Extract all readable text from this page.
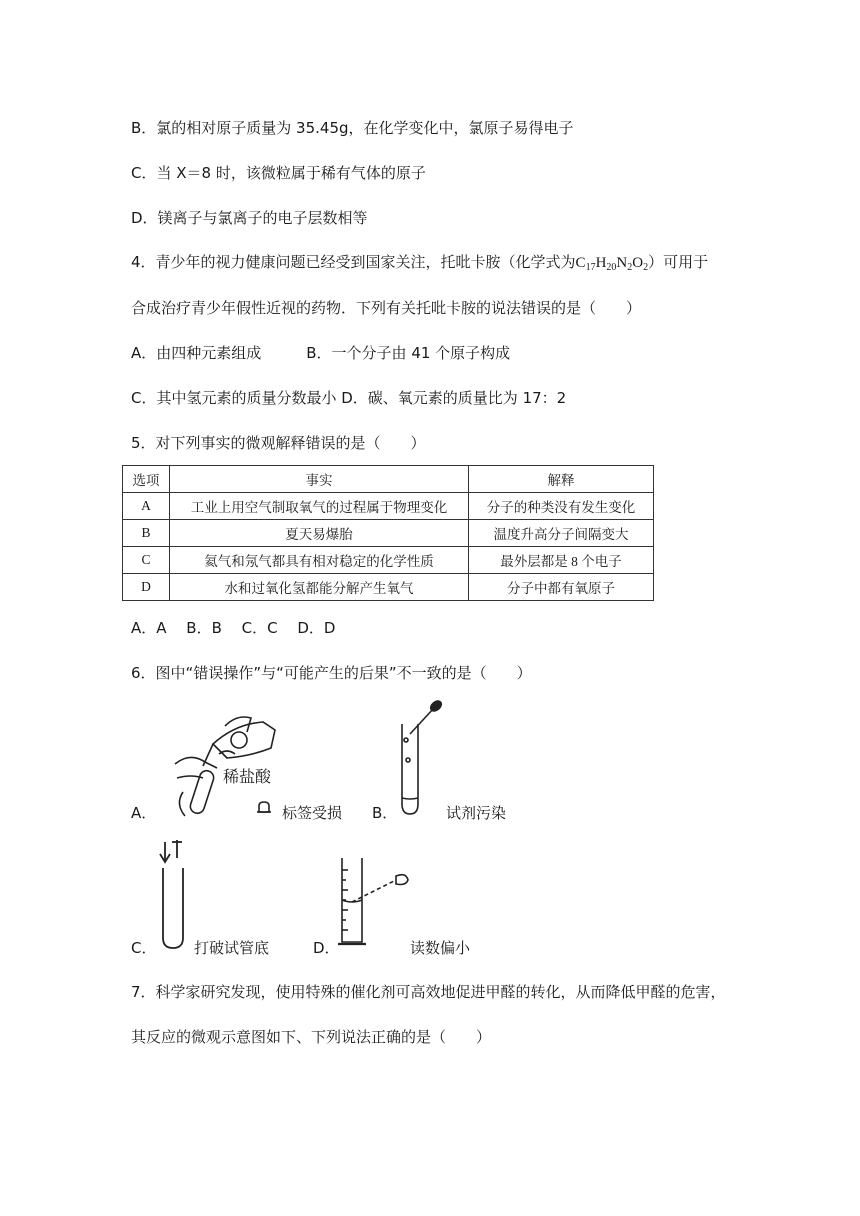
B．氯的相对原子质量为 35.45g，在化学变化中，氯原子易得电子
C．当 X＝8 时，该微粒属于稀有气体的原子
D．镁离子与氯离子的电子层数相等
4．青少年的视力健康问题已经受到国家关注，托吡卡胺（化学式为$C_{17}H_{20}N_2O_2$）可用于
合成治疗青少年假性近视的药物．下列有关托吡卡胺的说法错误的是（　　）
A．由四种元素组成　　　B．一个分子由 41 个原子构成
C．其中氢元素的质量分数最小 D．碳、氧元素的质量比为 17：2
5．对下列事实的微观解释错误的是（　　）
选项	事实	解释
A	工业上用空气制取氧气的过程属于物理变化	分子的种类没有发生变化
B	夏天易爆胎	温度升高分子间隔变大
C	氦气和氖气都具有相对稳定的化学性质	最外层都是 8 个电子
D	水和过氧化氢都能分解产生氧气	分子中都有氧原子
A．A　 B．B　 C．C　 D．D
6．图中“错误操作”与“可能产生的后果”不一致的是（　　）
A．
稀盐酸
标签受损 B．	试剂污染
C．	打破试管底	D．	读数偏小
7．科学家研究发现，使用特殊的催化剂可高效地促进甲醛的转化，从而降低甲醛的危害，
其反应的微观示意图如下、下列说法正确的是（　　）
